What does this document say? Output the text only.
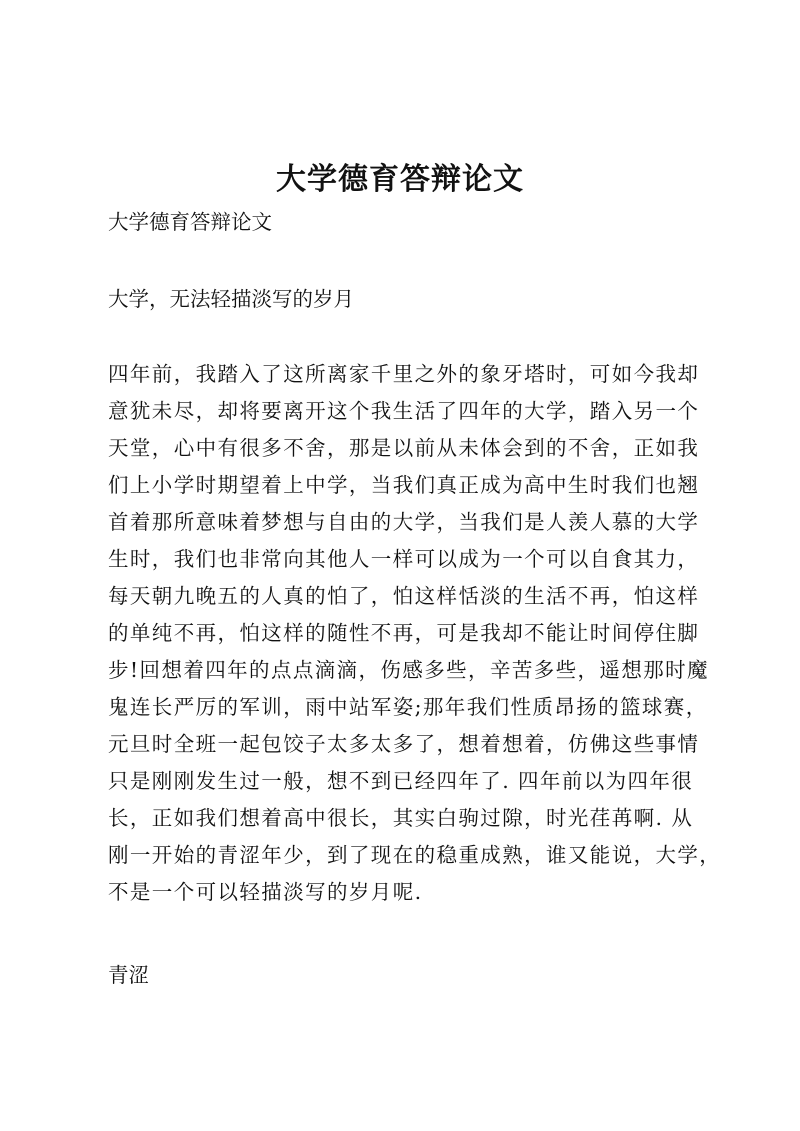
大学德育答辩论文

大学德育答辩论文

大学，无法轻描淡写的岁月

四年前，我踏入了这所离家千里之外的象牙塔时，可如今我却
意犹未尽，却将要离开这个我生活了四年的大学，踏入另一个
天堂，心中有很多不舍，那是以前从未体会到的不舍，正如我
们上小学时期望着上中学，当我们真正成为高中生时我们也翘
首着那所意味着梦想与自由的大学，当我们是人羡人慕的大学
生时，我们也非常向其他人一样可以成为一个可以自食其力，
每天朝九晚五的人真的怕了，怕这样恬淡的生活不再，怕这样
的单纯不再，怕这样的随性不再，可是我却不能让时间停住脚
步!回想着四年的点点滴滴，伤感多些，辛苦多些，遥想那时魔
鬼连长严厉的军训，雨中站军姿;那年我们性质昂扬的篮球赛，
元旦时全班一起包饺子太多太多了，想着想着，仿佛这些事情
只是刚刚发生过一般，想不到已经四年了. 四年前以为四年很
长，正如我们想着高中很长，其实白驹过隙，时光荏苒啊. 从
刚一开始的青涩年少，到了现在的稳重成熟，谁又能说，大学，
不是一个可以轻描淡写的岁月呢.

青涩
